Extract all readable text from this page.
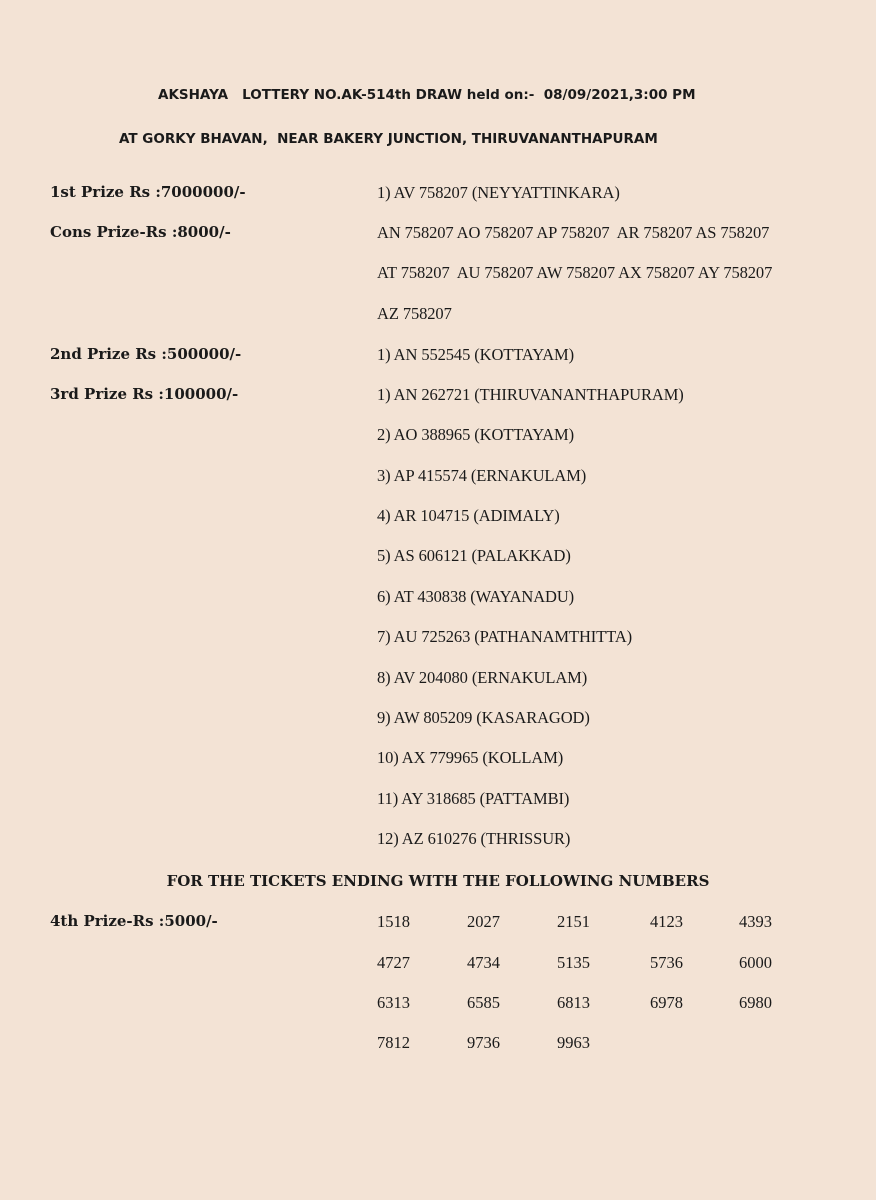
AKSHAYA   LOTTERY NO.AK-514th DRAW held on:-  08/09/2021,3:00 PM
AT GORKY BHAVAN,  NEAR BAKERY JUNCTION, THIRUVANANTHAPURAM
1st Prize Rs :7000000/-	1) AV 758207 (NEYYATTINKARA)
Cons Prize-Rs :8000/-	AN 758207 AO 758207 AP 758207  AR 758207 AS 758207
AT 758207  AU 758207 AW 758207 AX 758207 AY 758207
AZ 758207
2nd Prize Rs :500000/-	1) AN 552545 (KOTTAYAM)
3rd Prize Rs :100000/-	1) AN 262721 (THIRUVANANTHAPURAM)
2) AO 388965 (KOTTAYAM)
3) AP 415574 (ERNAKULAM)
4) AR 104715 (ADIMALY)
5) AS 606121 (PALAKKAD)
6) AT 430838 (WAYANADU)
7) AU 725263 (PATHANAMTHITTA)
8) AV 204080 (ERNAKULAM)
9) AW 805209 (KASARAGOD)
10) AX 779965 (KOLLAM)
11) AY 318685 (PATTAMBI)
12) AZ 610276 (THRISSUR)
FOR THE TICKETS ENDING WITH THE FOLLOWING NUMBERS
4th Prize-Rs :5000/-	1518	2027	2151	4123	4393
4727	4734	5135	5736	6000
6313	6585	6813	6978	6980
7812	9736	9963
